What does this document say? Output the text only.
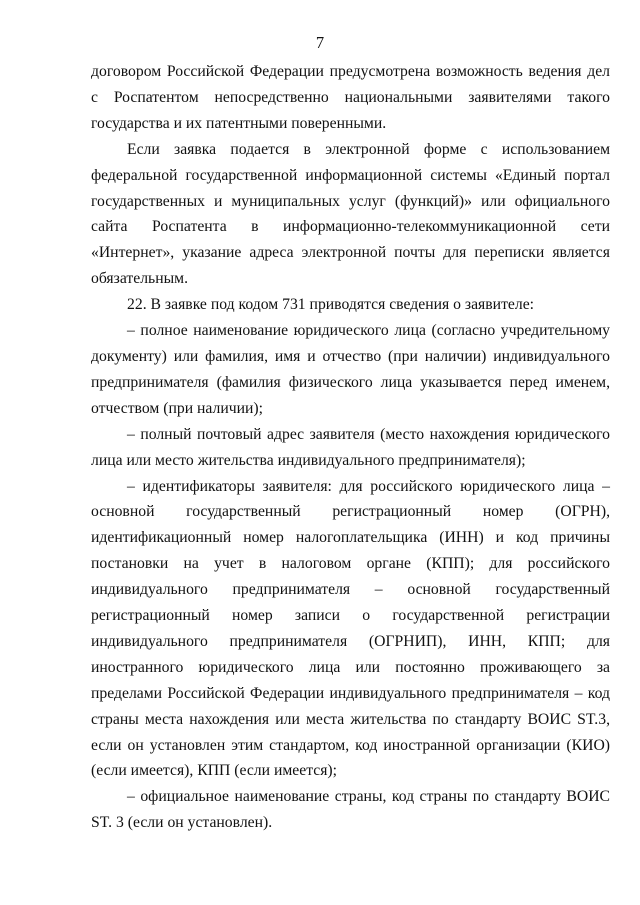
7

договором Российской Федерации предусмотрена возможность ведения дел с Роспатентом непосредственно национальными заявителями такого государства и их патентными поверенными.

Если заявка подается в электронной форме с использованием федеральной государственной информационной системы «Единый портал государственных и муниципальных услуг (функций)» или официального сайта Роспатента в информационно-телекоммуникационной сети «Интернет», указание адреса электронной почты для переписки является обязательным.

22. В заявке под кодом 731 приводятся сведения о заявителе:

– полное наименование юридического лица (согласно учредительному документу) или фамилия, имя и отчество (при наличии) индивидуального предпринимателя (фамилия физического лица указывается перед именем, отчеством (при наличии);

– полный почтовый адрес заявителя (место нахождения юридического лица или место жительства индивидуального предпринимателя);

– идентификаторы заявителя: для российского юридического лица – основной государственный регистрационный номер (ОГРН), идентификационный номер налогоплательщика (ИНН) и код причины постановки на учет в налоговом органе (КПП); для российского индивидуального предпринимателя – основной государственный регистрационный номер записи о государственной регистрации индивидуального предпринимателя (ОГРНИП), ИНН, КПП; для иностранного юридического лица или постоянно проживающего за пределами Российской Федерации индивидуального предпринимателя – код страны места нахождения или места жительства по стандарту ВОИС ST.3, если он установлен этим стандартом, код иностранной организации (КИО) (если имеется), КПП (если имеется);

– официальное наименование страны, код страны по стандарту ВОИС ST. 3 (если он установлен).
